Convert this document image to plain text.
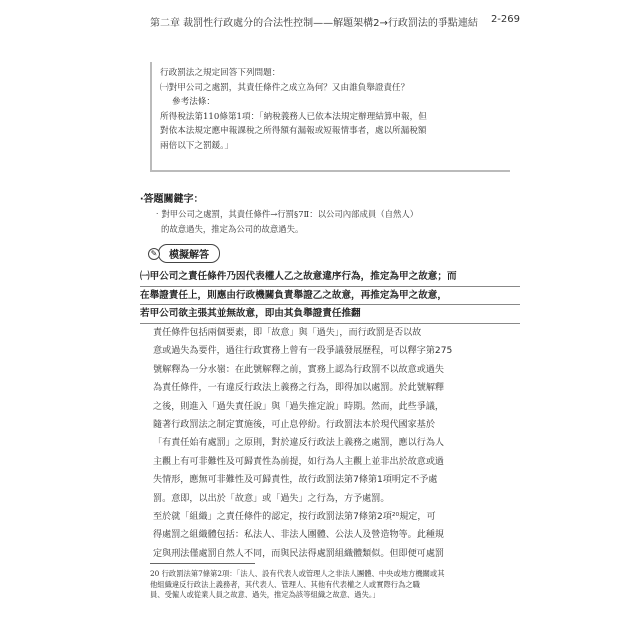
第二章 裁罰性行政處分的合法性控制——解題架構2→行政罰法的爭點連結 2-269
行政罰法之規定回答下列問題：
㈠對甲公司之處罰，其責任條件之成立為何？又由誰負舉證責任？
參考法條：
所得稅法第110條第1項：「納稅義務人已依本法規定辦理結算申報，但
對依本法規定應申報課稅之所得額有漏報或短報情事者，處以所漏稅額
兩倍以下之罰鍰。」
‧答題關鍵字：
‧對甲公司之處罰，其責任條件→行罰§7Ⅱ：以公司內部成員（自然人）
的故意過失，推定為公司的故意過失。
✎	模擬解答
㈠甲公司之責任條件乃因代表權人乙之故意違序行為，推定為甲之故意；而
在舉證責任上，則應由行政機關負責舉證乙之故意，再推定為甲之故意，
若甲公司欲主張其並無故意，即由其負舉證責任推翻
責任條件包括兩個要素，即「故意」與「過失」，而行政罰是否以故
意或過失為要件，過往行政實務上曾有一段爭議發展歷程，可以釋字第275
號解釋為一分水嶺：在此號解釋之前，實務上認為行政罰不以故意或過失
為責任條件，一有違反行政法上義務之行為，即得加以處罰。於此號解釋
之後，則進入「過失責任說」與「過失推定說」時期。然而，此些爭議，
隨著行政罰法之制定實施後，可止息停紛。行政罰法本於現代國家基於
「有責任始有處罰」之原則，對於違反行政法上義務之處罰，應以行為人
主觀上有可非難性及可歸責性為前提，如行為人主觀上並非出於故意或過
失情形，應無可非難性及可歸責性，故行政罰法第7條第1項明定不予處
罰。意即，以出於「故意」或「過失」之行為，方予處罰。
至於就「組織」之責任條件的認定，按行政罰法第7條第2項²⁰規定，可
得處罰之組織體包括：私法人、非法人團體、公法人及營造物等。此種規
定與刑法僅處罰自然人不同，而與民法得處罰組織體類似。但即便可處罰
20 行政罰法第7條第2項：「法人、設有代表人或管理人之非法人團體、中央或地方機關或其
他組織違反行政法上義務者，其代表人、管理人、其他有代表權之人或實際行為之職
員、受僱人或從業人員之故意、過失，推定為該等組織之故意、過失。」
